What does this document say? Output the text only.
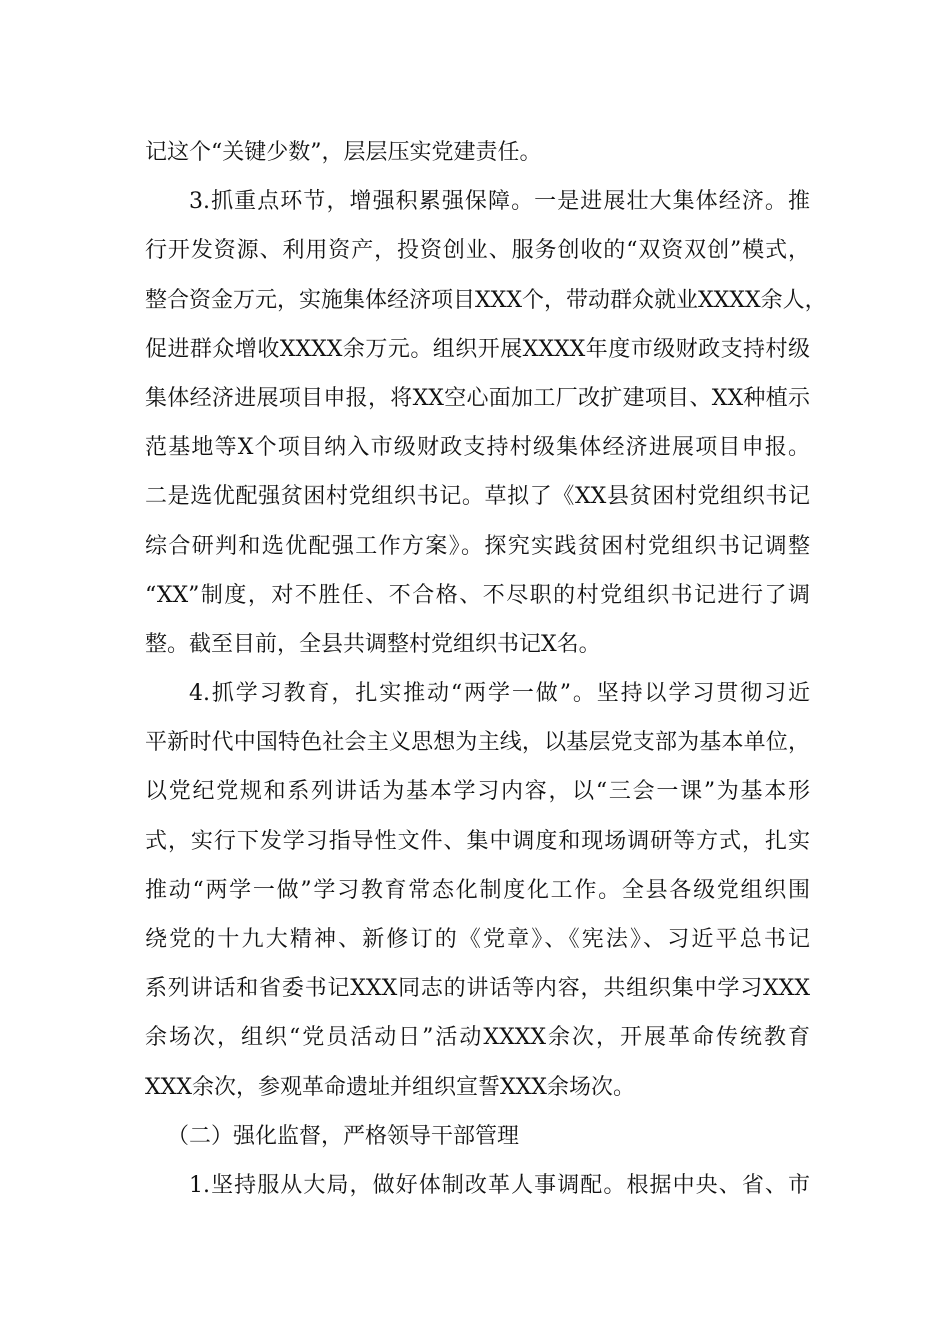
记这个“关键少数”，层层压实党建责任。
3.抓重点环节，增强积累强保障。一是进展壮大集体经济。推
行开发资源、利用资产，投资创业、服务创收的“双资双创”模式，
整合资金万元，实施集体经济项目XXX个，带动群众就业XXXX余人，
促进群众增收XXXX余万元。组织开展XXXX年度市级财政支持村级
集体经济进展项目申报，将XX空心面加工厂改扩建项目、XX种植示
范基地等X个项目纳入市级财政支持村级集体经济进展项目申报。
二是选优配强贫困村党组织书记。草拟了《XX县贫困村党组织书记
综合研判和选优配强工作方案》。探究实践贫困村党组织书记调整
“XX”制度，对不胜任、不合格、不尽职的村党组织书记进行了调
整。截至目前，全县共调整村党组织书记X名。
4.抓学习教育，扎实推动“两学一做”。坚持以学习贯彻习近
平新时代中国特色社会主义思想为主线，以基层党支部为基本单位，
以党纪党规和系列讲话为基本学习内容，以“三会一课”为基本形
式，实行下发学习指导性文件、集中调度和现场调研等方式，扎实
推动“两学一做”学习教育常态化制度化工作。全县各级党组织围
绕党的十九大精神、新修订的《党章》、《宪法》、习近平总书记
系列讲话和省委书记XXX同志的讲话等内容，共组织集中学习XXX
余场次，组织“党员活动日”活动XXXX余次，开展革命传统教育
XXX余次，参观革命遗址并组织宣誓XXX余场次。
（二）强化监督，严格领导干部管理
1.坚持服从大局，做好体制改革人事调配。根据中央、省、市
